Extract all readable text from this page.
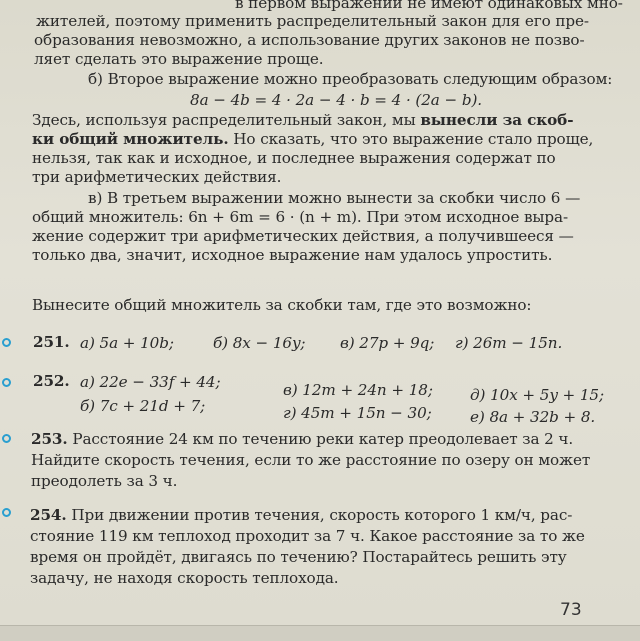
в первом выражении не имеют одинаковых мно-
жителей, поэтому применить распределительный закон для его пре-
образования невозможно, а использование других законов не позво-
ляет сделать это выражение проще.
б) Второе выражение можно преобразовать следующим образом:
8a − 4b = 4 · 2a − 4 · b = 4 · (2a − b).
Здесь, используя распределительный закон, мы вынесли за скоб-
ки общий множитель. Но сказать, что это выражение стало проще,
нельзя, так как и исходное, и последнее выражения содержат по
три арифметических действия.
в) В третьем выражении можно вынести за скобки число 6 —
общий множитель: 6n + 6m = 6 · (n + m). При этом исходное выра-
жение содержит три арифметических действия, а получившееся —
только два, значит, исходное выражение нам удалось упростить.
Вынесите общий множитель за скобки там, где это возможно:
251. а) 5a + 10b;	б) 8x − 16y; в) 27p + 9q; г) 26m − 15n.
252. а) 22e − 33f + 44;
б) 7c + 21d + 7;
в) 12m + 24n + 18;
г) 45m + 15n − 30;
д) 10x + 5y + 15;
е) 8a + 32b + 8.
253. Расстояние 24 км по течению реки катер преодолевает за 2 ч.
Найдите скорость течения, если то же расстояние по озеру он может
преодолеть за 3 ч.
254. При движении против течения, скорость которого 1 км/ч, рас-
стояние 119 км теплоход проходит за 7 ч. Какое расстояние за то же
время он пройдёт, двигаясь по течению? Постарайтесь решить эту
задачу, не находя скорость теплохода.
73
